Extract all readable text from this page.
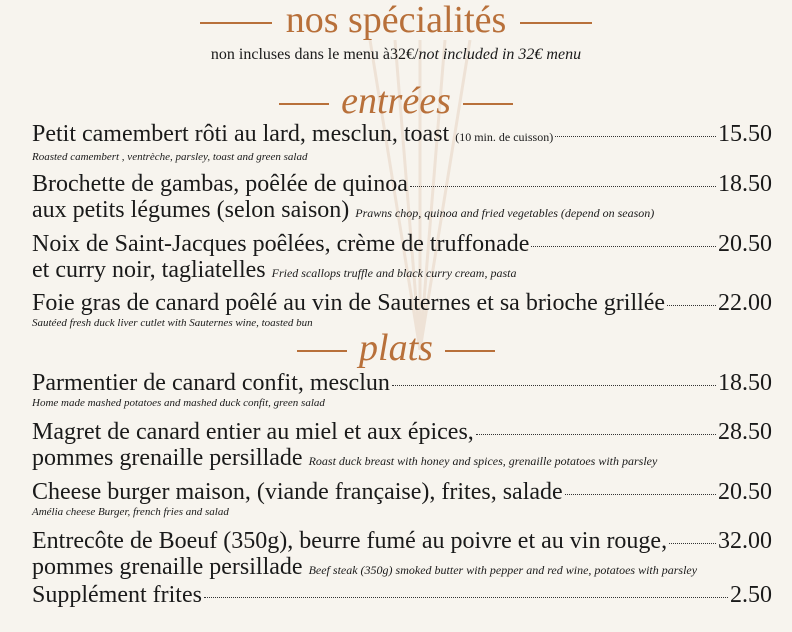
nos spécialités
non incluses dans le menu à32€/not included in 32€ menu
entrées
Petit camembert rôti au lard, mesclun, toast
(10 min. de cuisson)	15.50
Roasted camembert , ventrèche, parsley, toast and green salad
Brochette de gambas, poêlée de quinoa	18.50
aux petits légumes (selon saison)
Prawns chop, quinoa and fried vegetables (depend on season)
Noix de Saint-Jacques poêlées, crème de truffonade	20.50
et curry noir, tagliatelles
Fried scallops truffle and black curry cream, pasta
Foie gras de canard poêlé au vin de Sauternes et sa brioche grillée 22.00
Sautéed fresh duck liver cutlet with Sauternes wine, toasted bun
plats
Parmentier de canard confit, mesclun	18.50
Home made mashed potatoes and mashed duck confit, green salad
Magret de canard entier au miel et aux épices,	28.50
pommes grenaille persillade
Roast duck breast with honey and spices, grenaille potatoes with parsley
Cheese burger maison, (viande française), frites, salade	20.50
Amélia cheese Burger, french fries and salad
Entrecôte de Boeuf (350g), beurre fumé au poivre et au vin rouge, 32.00
pommes grenaille persillade
Beef steak (350g) smoked butter with pepper and red wine, potatoes with parsley
Supplément frites	2.50
